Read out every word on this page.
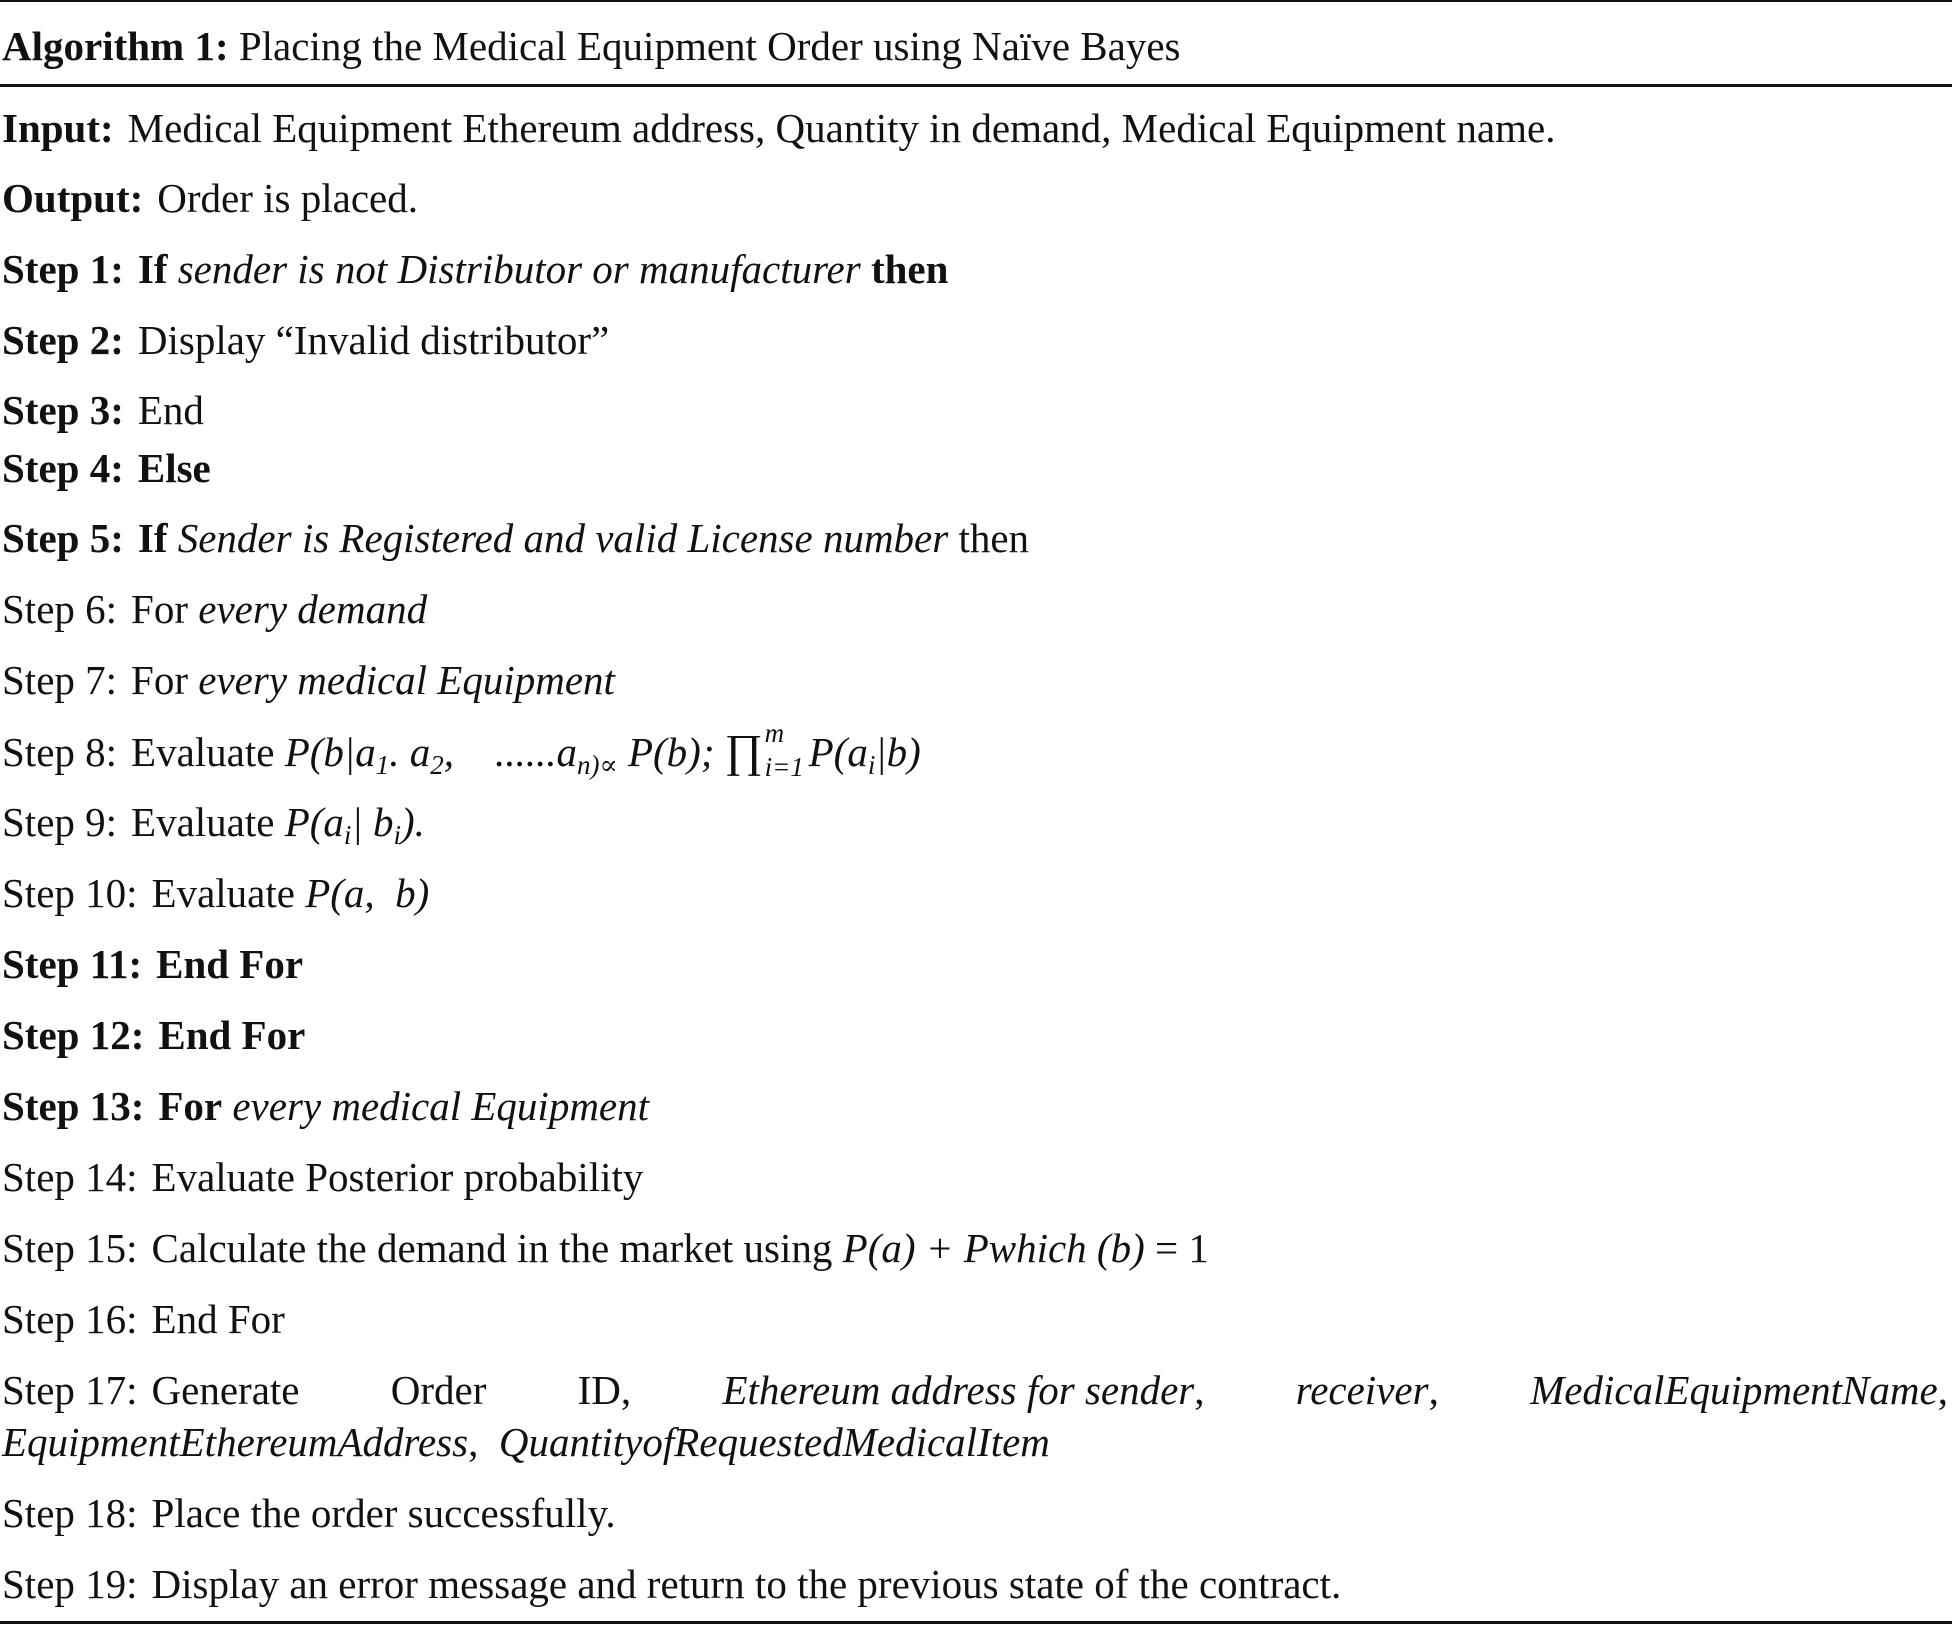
Algorithm 1: Placing the Medical Equipment Order using Naïve Bayes
Input: Medical Equipment Ethereum address, Quantity in demand, Medical Equipment name.
Output: Order is placed.
Step 1: If sender is not Distributor or manufacturer then
Step 2: Display “Invalid distributor”
Step 3: End
Step 4: Else
Step 5: If Sender is Registered and valid License number then
Step 6: For every demand
Step 7: For every medical Equipment
Step 8: Evaluate $P(b|a_1$. $a_2$,    $......a_{n)\propto}$ P(b); ∏ m
i=1 $P(a_i|b)$
Step 9: Evaluate $P(a_i|$ $b_i$).
Step 10: Evaluate P(a,  b)
Step 11: End For
Step 12: End For
Step 13: For every medical Equipment
Step 14: Evaluate Posterior probability
Step 15: Calculate the demand in the market using P(a) + Pwhich (b) = 1
Step 16: End For
Step 17: Generate Order ID, Ethereum address for sender, receiver, MedicalEquipmentName,
EquipmentEthereumAddress,  QuantityofRequestedMedicalItem
Step 18: Place the order successfully.
Step 19: Display an error message and return to the previous state of the contract.
